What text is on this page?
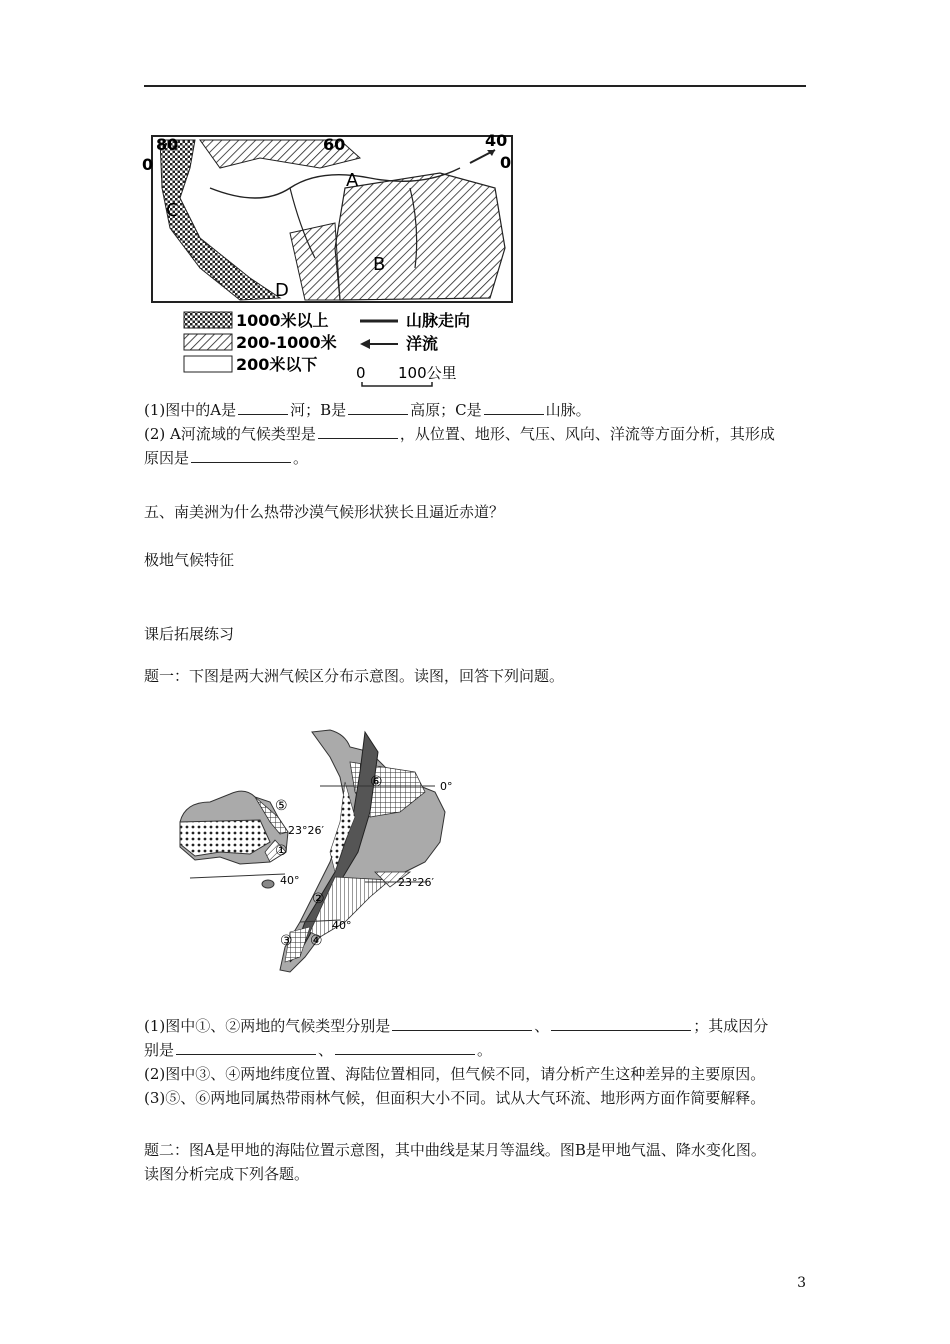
80
0
60	40
0
A
B
C
D
1000米以上
200-1000米
200米以下
山脉走向
洋流
0 100公里
(1)图中的A是	河；B是	高原；C是	山脉。
(2) A河流域的气候类型是	，从位置、地形、气压、风向、洋流等方面分析，其形成
原因是	。
五、南美洲为什么热带沙漠气候形状狭长且逼近赤道？
极地气候特征
课后拓展练习
题一：下图是两大洲气候区分布示意图。读图，回答下列问题。
⑤
①
②
③ ④
⑥	0°
23°26′
23°26′
40°
40°
(1)图中①、②两地的气候类型分别是	、	；其成因分
别是	、	。
(2)图中③、④两地纬度位置、海陆位置相同，但气候不同，请分析产生这种差异的主要原因。
(3)⑤、⑥两地同属热带雨林气候，但面积大小不同。试从大气环流、地形两方面作简要解释。
题二：图A是甲地的海陆位置示意图，其中曲线是某月等温线。图B是甲地气温、降水变化图。
读图分析完成下列各题。
3
